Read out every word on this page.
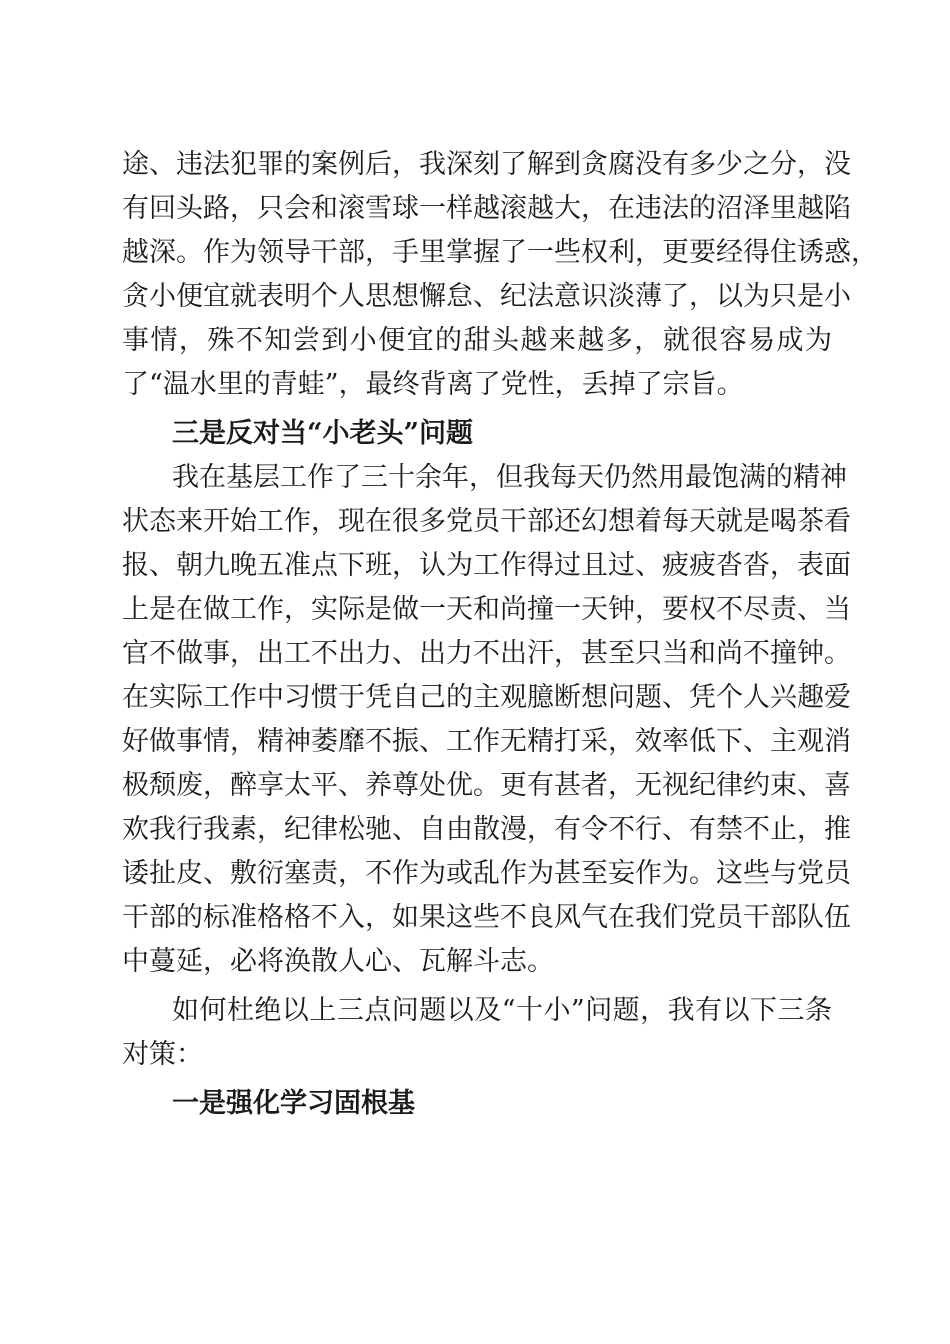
途、违法犯罪的案例后，我深刻了解到贪腐没有多少之分，没

有回头路，只会和滚雪球一样越滚越大，在违法的沼泽里越陷

越深。作为领导干部，手里掌握了一些权利，更要经得住诱惑，

贪小便宜就表明个人思想懈怠、纪法意识淡薄了，以为只是小

事情，殊不知尝到小便宜的甜头越来越多，就很容易成为

了“温水里的青蛙”，最终背离了党性，丢掉了宗旨。

三是反对当“小老头”问题

我在基层工作了三十余年，但我每天仍然用最饱满的精神

状态来开始工作，现在很多党员干部还幻想着每天就是喝茶看

报、朝九晚五准点下班，认为工作得过且过、疲疲沓沓，表面

上是在做工作，实际是做一天和尚撞一天钟，要权不尽责、当

官不做事，出工不出力、出力不出汗，甚至只当和尚不撞钟。

在实际工作中习惯于凭自己的主观臆断想问题、凭个人兴趣爱

好做事情，精神萎靡不振、工作无精打采，效率低下、主观消

极颓废，醉享太平、养尊处优。更有甚者，无视纪律约束、喜

欢我行我素，纪律松驰、自由散漫，有令不行、有禁不止，推

诿扯皮、敷衍塞责，不作为或乱作为甚至妄作为。这些与党员

干部的标准格格不入，如果这些不良风气在我们党员干部队伍

中蔓延，必将涣散人心、瓦解斗志。

如何杜绝以上三点问题以及“十小”问题，我有以下三条

对策：

一是强化学习固根基
